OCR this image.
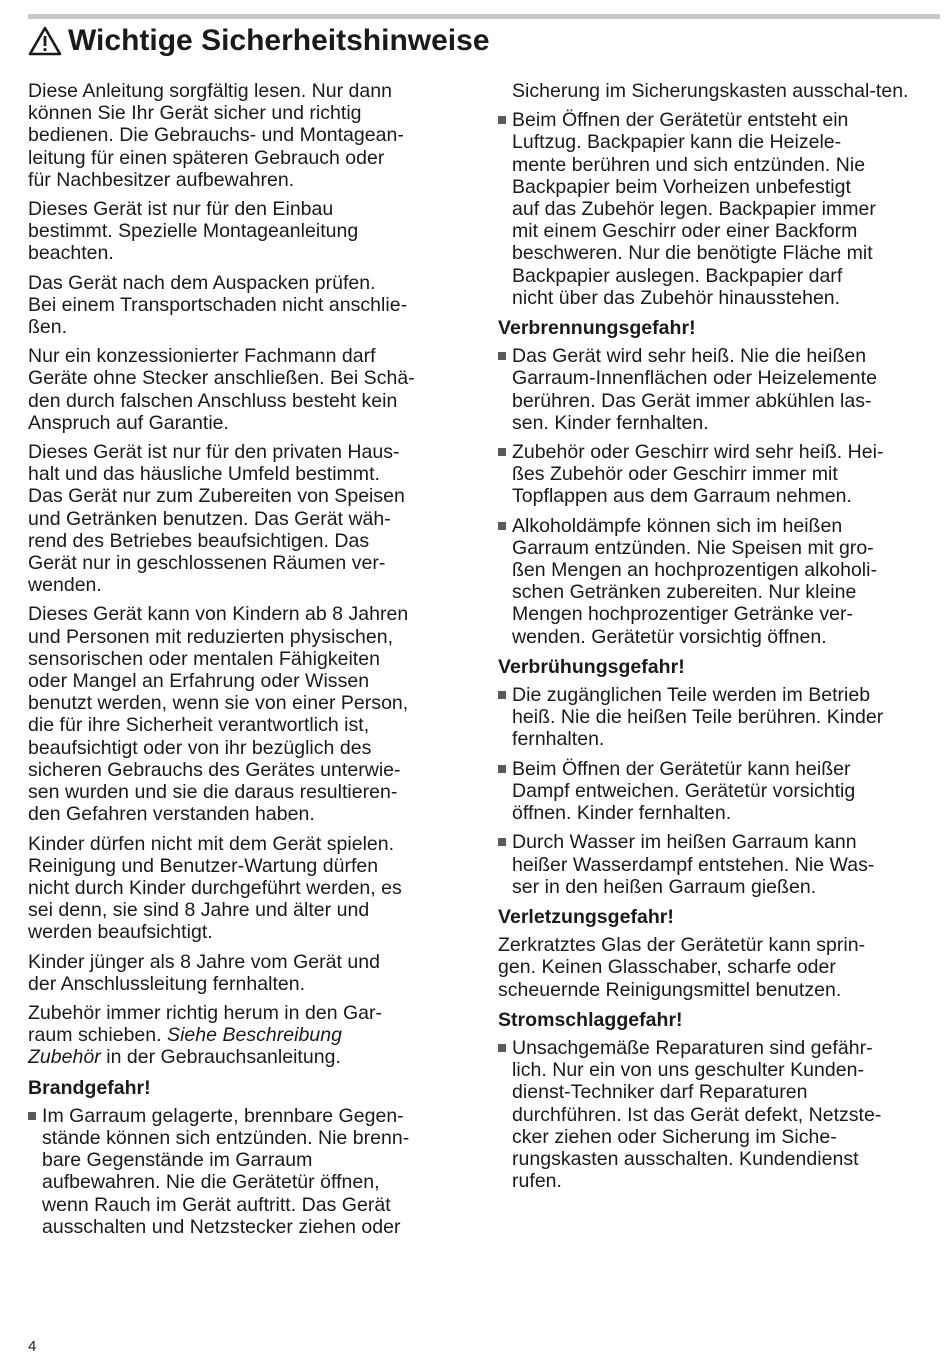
Wichtige Sicherheitshinweise
Diese Anleitung sorgfältig lesen. Nur dann
können Sie Ihr Gerät sicher und richtig
bedienen. Die Gebrauchs- und Montagean-
leitung für einen späteren Gebrauch oder
für Nachbesitzer aufbewahren.
Dieses Gerät ist nur für den Einbau
bestimmt. Spezielle Montageanleitung
beachten.
Das Gerät nach dem Auspacken prüfen.
Bei einem Transportschaden nicht anschlie-
ßen.
Nur ein konzessionierter Fachmann darf
Geräte ohne Stecker anschließen. Bei Schä-
den durch falschen Anschluss besteht kein
Anspruch auf Garantie.
Dieses Gerät ist nur für den privaten Haus-
halt und das häusliche Umfeld bestimmt.
Das Gerät nur zum Zubereiten von Speisen
und Getränken benutzen. Das Gerät wäh-
rend des Betriebes beaufsichtigen. Das
Gerät nur in geschlossenen Räumen ver-
wenden.
Dieses Gerät kann von Kindern ab 8 Jahren
und Personen mit reduzierten physischen,
sensorischen oder mentalen Fähigkeiten
oder Mangel an Erfahrung oder Wissen
benutzt werden, wenn sie von einer Person,
die für ihre Sicherheit verantwortlich ist,
beaufsichtigt oder von ihr bezüglich des
sicheren Gebrauchs des Gerätes unterwie-
sen wurden und sie die daraus resultieren-
den Gefahren verstanden haben.
Kinder dürfen nicht mit dem Gerät spielen.
Reinigung und Benutzer-Wartung dürfen
nicht durch Kinder durchgeführt werden, es
sei denn, sie sind 8 Jahre und älter und
werden beaufsichtigt.
Kinder jünger als 8 Jahre vom Gerät und
der Anschlussleitung fernhalten.
Zubehör immer richtig herum in den Gar-
raum schieben. Siehe Beschreibung
Zubehör in der Gebrauchsanleitung.
Brandgefahr!
Im Garraum gelagerte, brennbare Gegen-
stände können sich entzünden. Nie brenn-
bare Gegenstände im Garraum
aufbewahren. Nie die Gerätetür öffnen,
wenn Rauch im Gerät auftritt. Das Gerät
ausschalten und Netzstecker ziehen oder
Sicherung im Sicherungskasten ausschal-ten.
Beim Öffnen der Gerätetür entsteht ein
Luftzug. Backpapier kann die Heizele-
mente berühren und sich entzünden. Nie
Backpapier beim Vorheizen unbefestigt
auf das Zubehör legen. Backpapier immer
mit einem Geschirr oder einer Backform
beschweren. Nur die benötigte Fläche mit
Backpapier auslegen. Backpapier darf
nicht über das Zubehör hinausstehen.
Verbrennungsgefahr!
Das Gerät wird sehr heiß. Nie die heißen
Garraum-Innenflächen oder Heizelemente
berühren. Das Gerät immer abkühlen las-
sen. Kinder fernhalten.
Zubehör oder Geschirr wird sehr heiß. Hei-
ßes Zubehör oder Geschirr immer mit
Topflappen aus dem Garraum nehmen.
Alkoholdämpfe können sich im heißen
Garraum entzünden. Nie Speisen mit gro-
ßen Mengen an hochprozentigen alkoholi-
schen Getränken zubereiten. Nur kleine
Mengen hochprozentiger Getränke ver-
wenden. Gerätetür vorsichtig öffnen.
Verbrühungsgefahr!
Die zugänglichen Teile werden im Betrieb
heiß. Nie die heißen Teile berühren. Kinder
fernhalten.
Beim Öffnen der Gerätetür kann heißer
Dampf entweichen. Gerätetür vorsichtig
öffnen. Kinder fernhalten.
Durch Wasser im heißen Garraum kann
heißer Wasserdampf entstehen. Nie Was-
ser in den heißen Garraum gießen.
Verletzungsgefahr!
Zerkratztes Glas der Gerätetür kann sprin-
gen. Keinen Glasschaber, scharfe oder
scheuernde Reinigungsmittel benutzen.
Stromschlaggefahr!
Unsachgemäße Reparaturen sind gefähr-
lich. Nur ein von uns geschulter Kunden-
dienst-Techniker darf Reparaturen
durchführen. Ist das Gerät defekt, Netzste-
cker ziehen oder Sicherung im Siche-
rungskasten ausschalten. Kundendienst
rufen.
4
